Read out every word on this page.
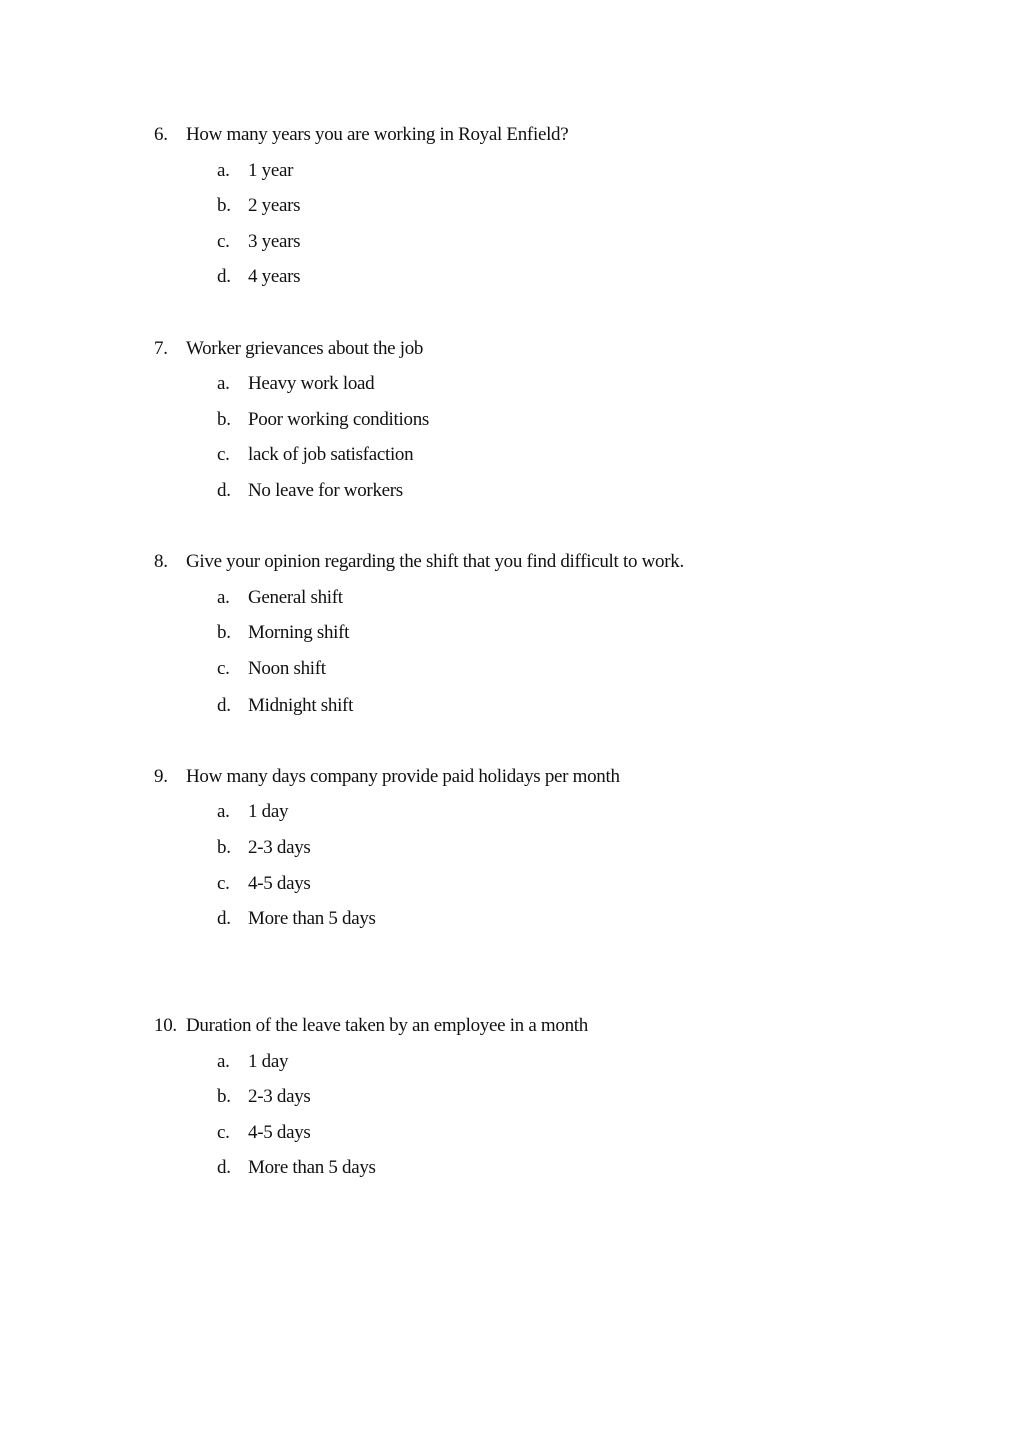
6. How many years you are working in Royal Enfield?
a. 1 year
b. 2 years
c. 3 years
d. 4 years
7. Worker grievances about the job
a. Heavy work load
b. Poor working conditions
c. lack of job satisfaction
d. No leave for workers
8. Give your opinion regarding the shift that you find difficult to work.
a. General shift
b. Morning shift
c. Noon shift
d. Midnight shift
9. How many days company provide paid holidays per month
a. 1 day
b. 2-3 days
c. 4-5 days
d. More than 5 days
10. Duration of the leave taken by an employee in a month
a. 1 day
b. 2-3 days
c. 4-5 days
d. More than 5 days
